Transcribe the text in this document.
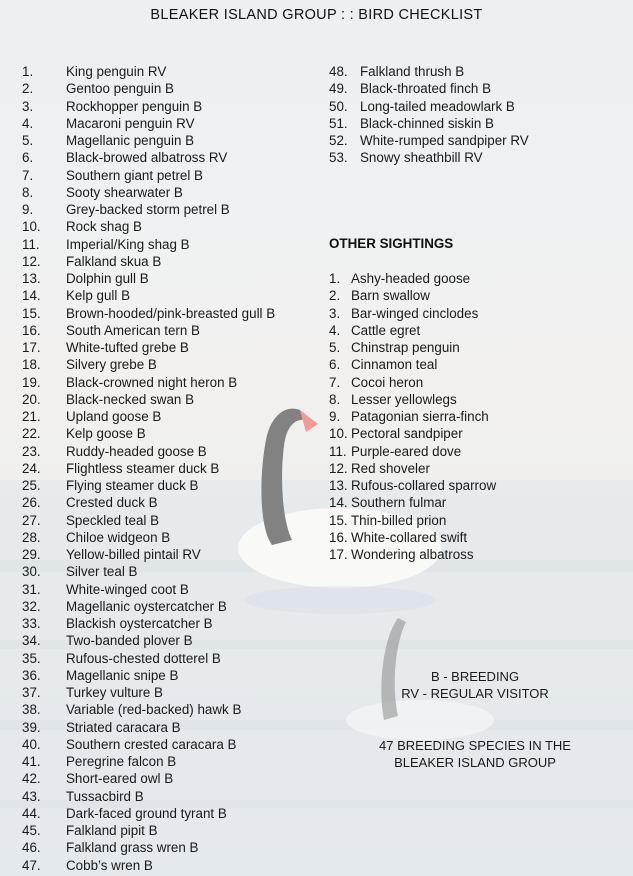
BLEAKER ISLAND GROUP : : BIRD CHECKLIST
1. King penguin RV
2. Gentoo penguin B
3. Rockhopper penguin B
4. Macaroni penguin RV
5. Magellanic penguin B
6. Black-browed albatross RV
7. Southern giant petrel B
8. Sooty shearwater B
9. Grey-backed storm petrel B
10. Rock shag B
11. Imperial/King shag B
12. Falkland skua B
13. Dolphin gull B
14. Kelp gull B
15. Brown-hooded/pink-breasted gull B
16. South American tern B
17. White-tufted grebe B
18. Silvery grebe B
19. Black-crowned night heron B
20. Black-necked swan B
21. Upland goose B
22. Kelp goose B
23. Ruddy-headed goose B
24. Flightless steamer duck B
25. Flying steamer duck B
26. Crested duck B
27. Speckled teal B
28. Chiloe widgeon B
29. Yellow-billed pintail RV
30. Silver teal B
31. White-winged coot B
32. Magellanic oystercatcher B
33. Blackish oystercatcher B
34. Two-banded plover B
35. Rufous-chested dotterel B
36. Magellanic snipe B
37. Turkey vulture B
38. Variable (red-backed) hawk B
39. Striated caracara B
40. Southern crested caracara B
41. Peregrine falcon B
42. Short-eared owl B
43. Tussacbird B
44. Dark-faced ground tyrant B
45. Falkland pipit B
46. Falkland grass wren B
47. Cobb’s wren B
48. Falkland thrush B
49. Black-throated finch B
50. Long-tailed meadowlark B
51. Black-chinned siskin B
52. White-rumped sandpiper RV
53. Snowy sheathbill RV
OTHER SIGHTINGS
1. Ashy-headed goose
2. Barn swallow
3. Bar-winged cinclodes
4. Cattle egret
5. Chinstrap penguin
6. Cinnamon teal
7. Cocoi heron
8. Lesser yellowlegs
9. Patagonian sierra-finch
10. Pectoral sandpiper
11. Purple-eared dove
12. Red shoveler
13. Rufous-collared sparrow
14. Southern fulmar
15. Thin-billed prion
16. White-collared swift
17. Wondering albatross
B - BREEDING
RV - REGULAR VISITOR
47 BREEDING SPECIES IN THE
BLEAKER ISLAND GROUP
